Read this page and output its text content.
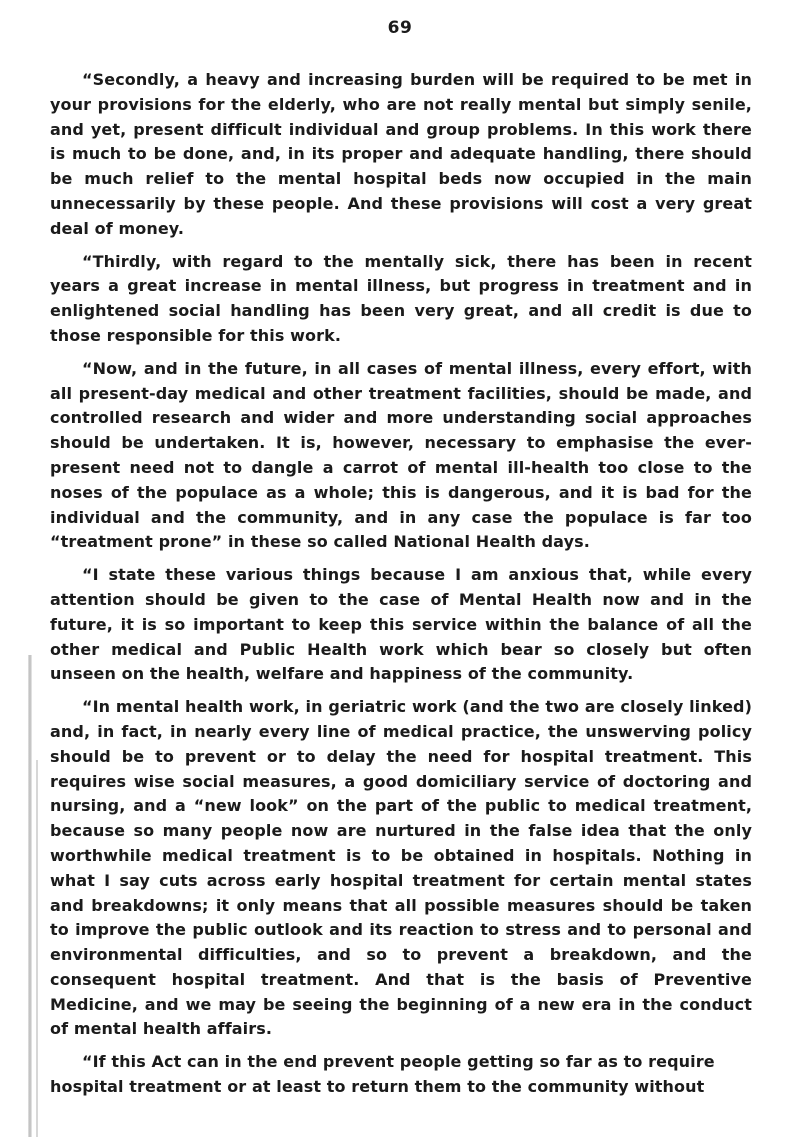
69

“Secondly, a heavy and increasing burden will be required to be met in your provisions for the elderly, who are not really mental but simply senile, and yet, present difficult individual and group problems. In this work there is much to be done, and, in its proper and adequate handling, there should be much relief to the mental hospital beds now occupied in the main unnecessarily by these people. And these provisions will cost a very great deal of money.

“Thirdly, with regard to the mentally sick, there has been in recent years a great increase in mental illness, but progress in treatment and in enlightened social handling has been very great, and all credit is due to those responsible for this work.

“Now, and in the future, in all cases of mental illness, every effort, with all present-day medical and other treatment facilities, should be made, and controlled research and wider and more understanding social approaches should be undertaken. It is, however, necessary to emphasise the ever-present need not to dangle a carrot of mental ill-health too close to the noses of the populace as a whole; this is dangerous, and it is bad for the individual and the community, and in any case the populace is far too “treatment prone” in these so called National Health days.

“I state these various things because I am anxious that, while every attention should be given to the case of Mental Health now and in the future, it is so important to keep this service within the balance of all the other medical and Public Health work which bear so closely but often unseen on the health, welfare and happiness of the community.

“In mental health work, in geriatric work (and the two are closely linked) and, in fact, in nearly every line of medical practice, the unswerving policy should be to prevent or to delay the need for hospital treatment. This requires wise social measures, a good domiciliary service of doctoring and nursing, and a “new look” on the part of the public to medical treatment, because so many people now are nurtured in the false idea that the only worthwhile medical treatment is to be obtained in hospitals. Nothing in what I say cuts across early hospital treatment for certain mental states and breakdowns; it only means that all possible measures should be taken to improve the public outlook and its reaction to stress and to personal and environmental difficulties, and so to prevent a breakdown, and the consequent hospital treatment. And that is the basis of Preventive Medicine, and we may be seeing the beginning of a new era in the conduct of mental health affairs.

“If this Act can in the end prevent people getting so far as to require hospital treatment or at least to return them to the community without
